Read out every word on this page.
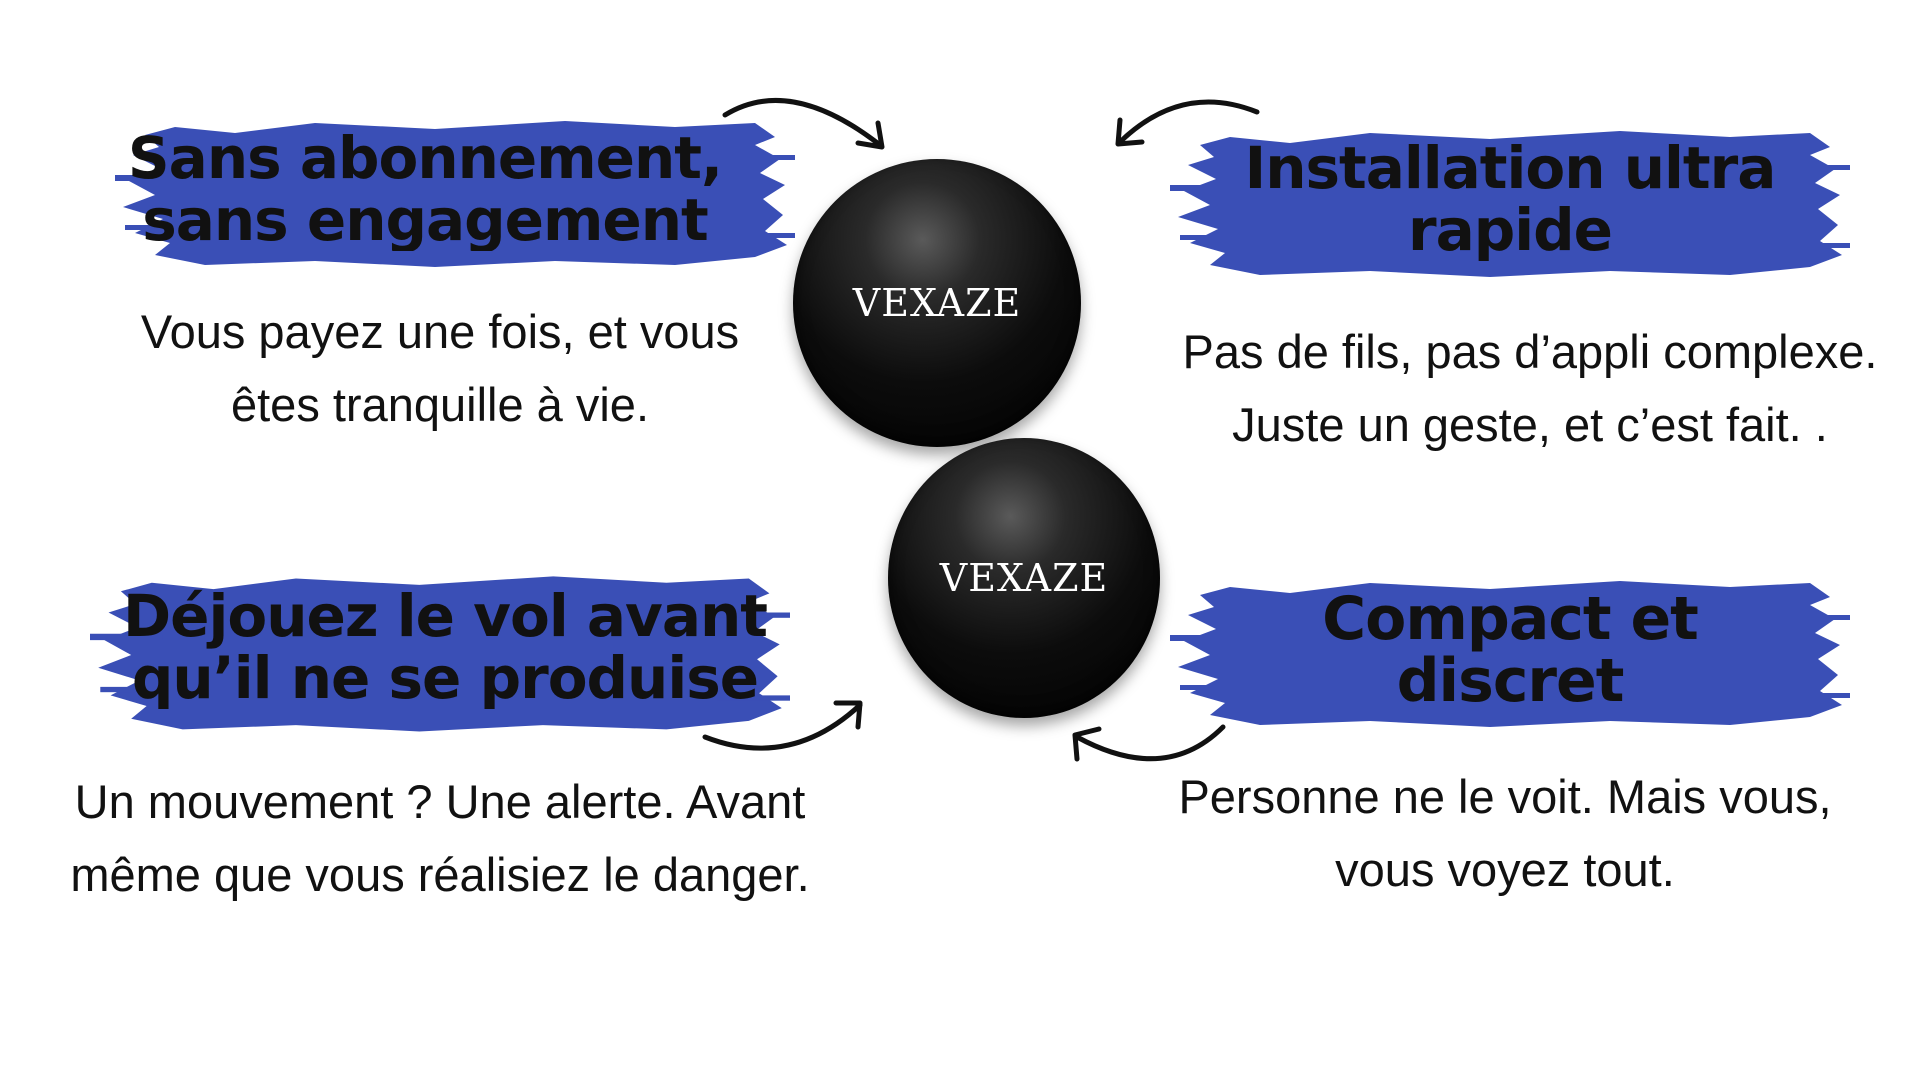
Sans abonnement,
sans engagement
Vous payez une fois, et vous
êtes tranquille à vie.
Installation ultra
rapide
Pas de fils, pas d’appli complexe.
Juste un geste, et c’est fait. .
Déjouez le vol avant
qu’il ne se produise
Un mouvement ? Une alerte. Avant
même que vous réalisiez le danger.
Compact et
discret
Personne ne le voit. Mais vous,
vous voyez tout.
VEXAZE
VEXAZE
